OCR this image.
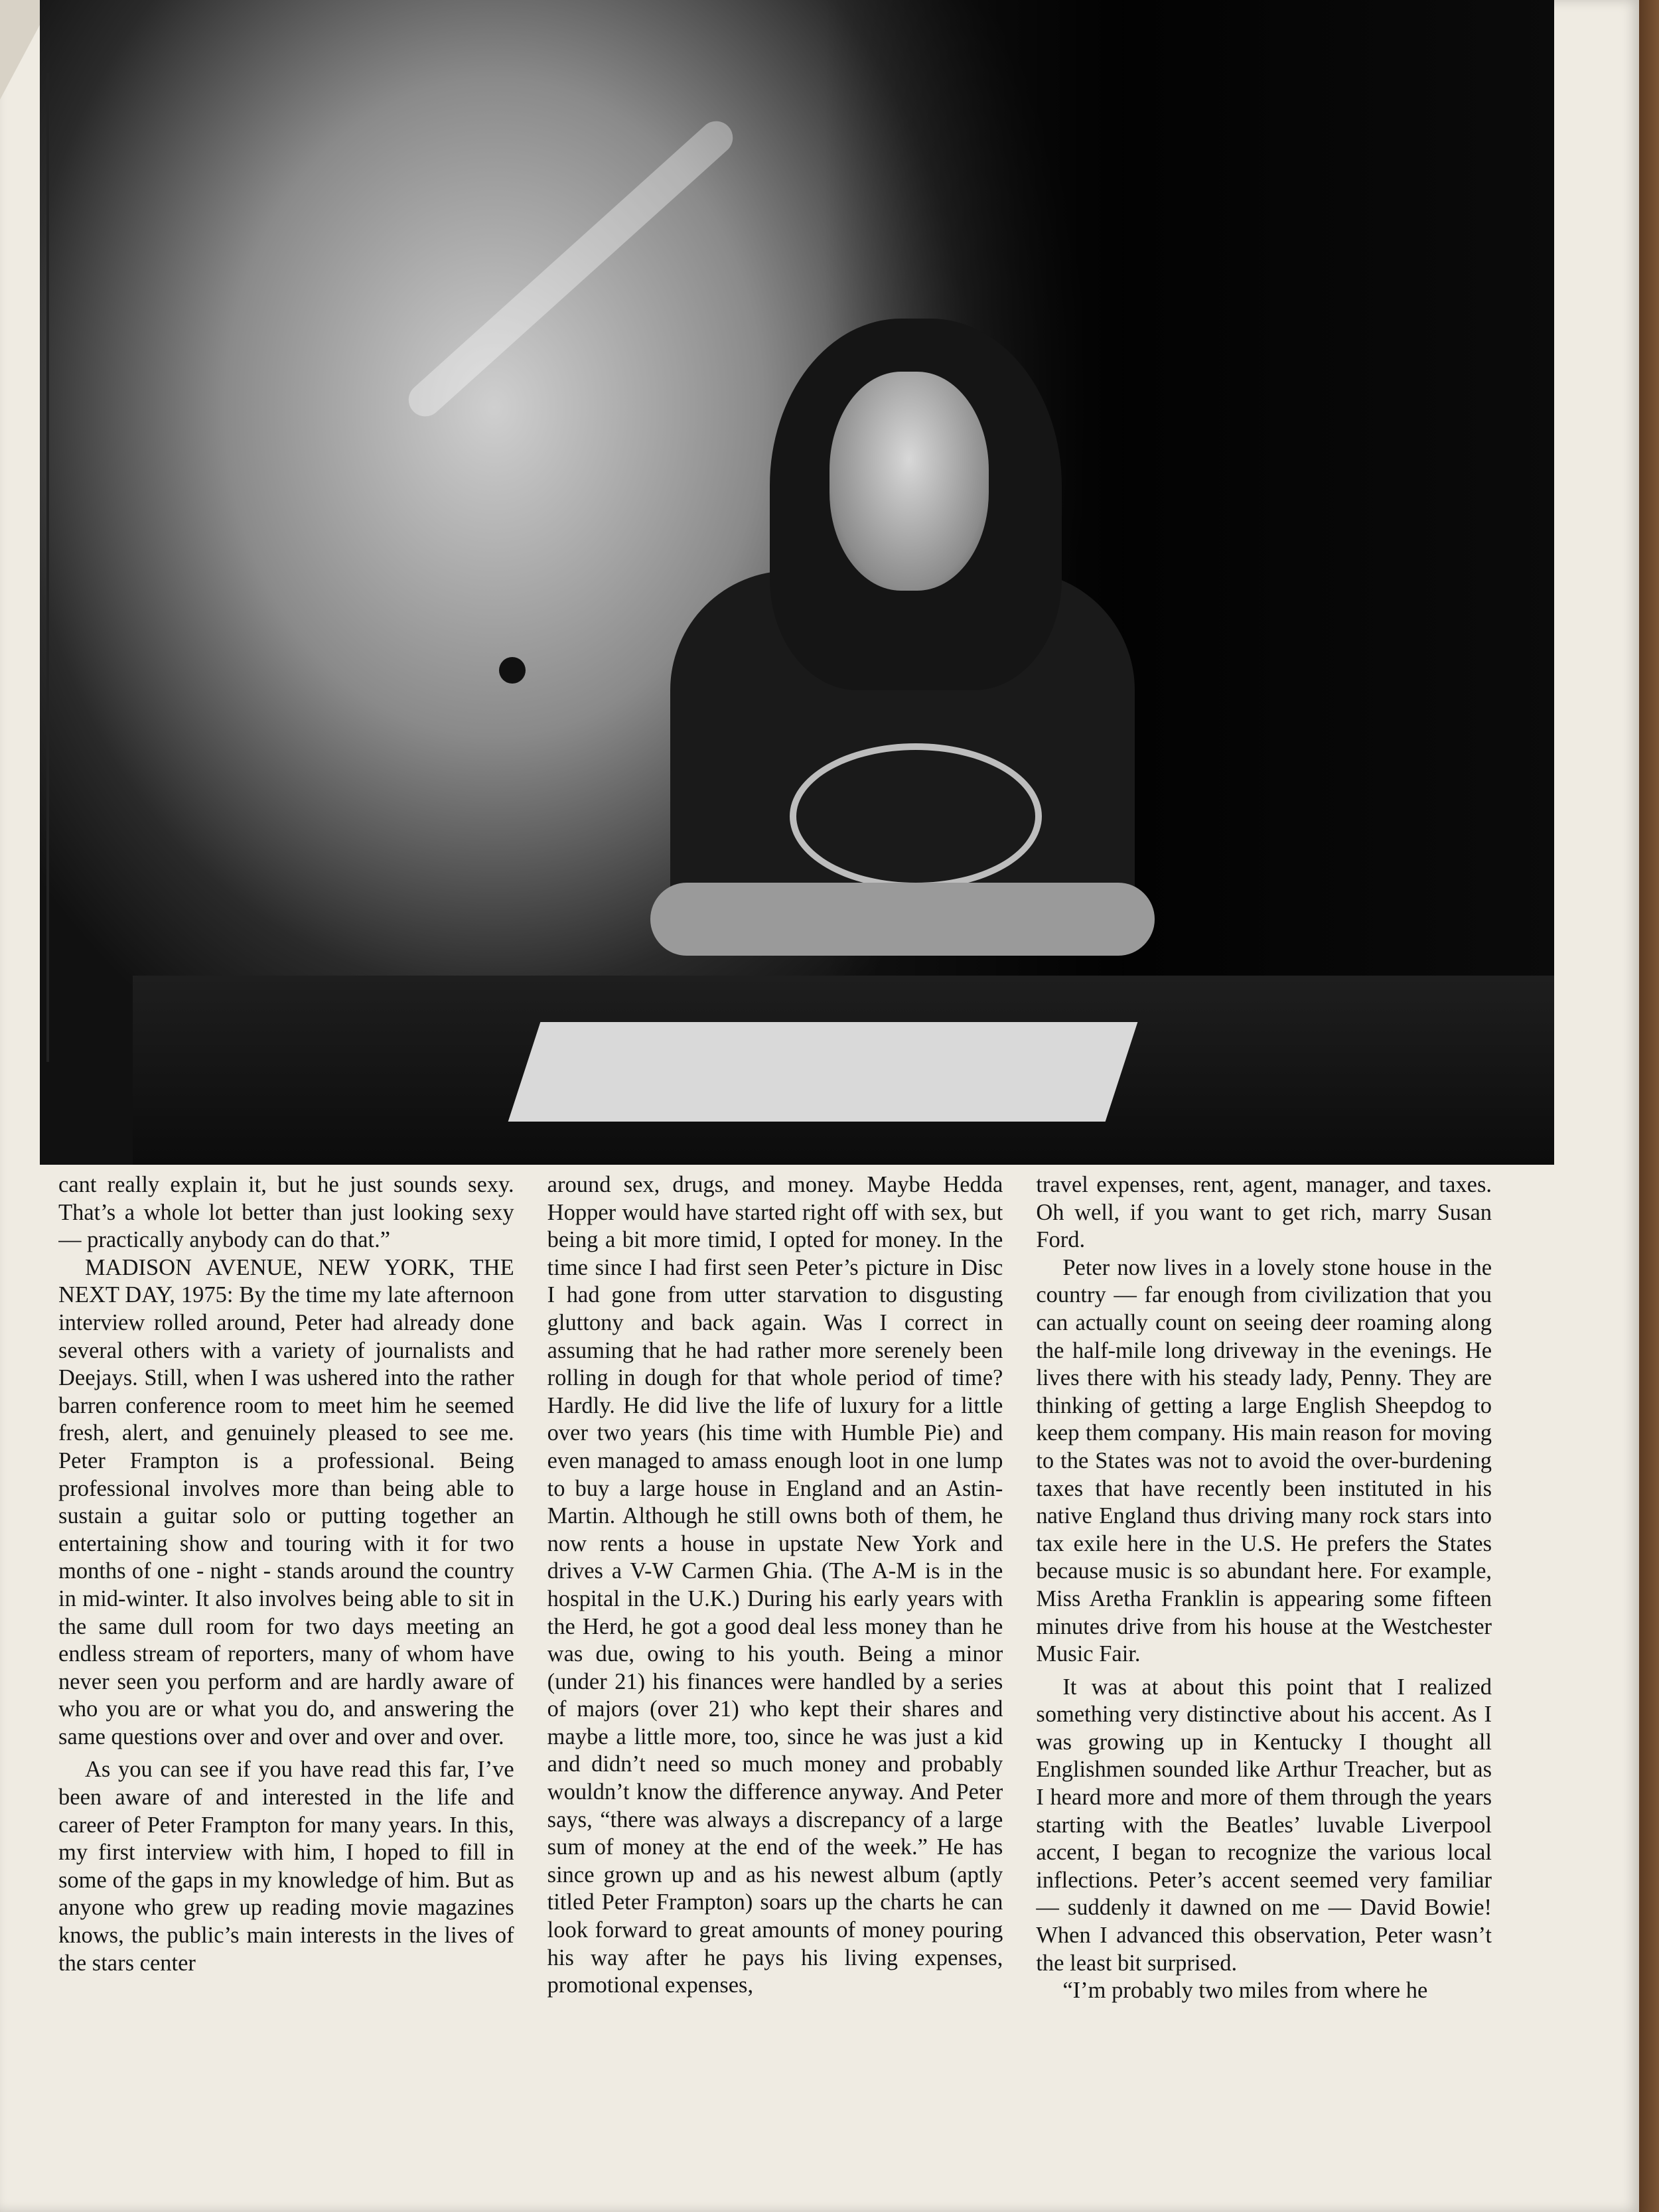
cant really explain it, but he just sounds sexy. That’s a whole lot better than just looking sexy — practically anybody can do that.”

MADISON AVENUE, NEW YORK, THE NEXT DAY, 1975: By the time my late afternoon interview rolled around, Peter had already done several others with a variety of journalists and Deejays. Still, when I was ushered into the rather barren conference room to meet him he seemed fresh, alert, and genuinely pleased to see me. Peter Frampton is a professional. Being professional involves more than being able to sustain a guitar solo or putting together an entertaining show and touring with it for two months of one - night - stands around the country in mid-winter. It also involves being able to sit in the same dull room for two days meeting an endless stream of reporters, many of whom have never seen you perform and are hardly aware of who you are or what you do, and answering the same questions over and over and over and over.

As you can see if you have read this far, I’ve been aware of and interested in the life and career of Peter Frampton for many years. In this, my first interview with him, I hoped to fill in some of the gaps in my knowledge of him. But as anyone who grew up reading movie magazines knows, the public’s main interests in the lives of the stars center

around sex, drugs, and money. Maybe Hedda Hopper would have started right off with sex, but being a bit more timid, I opted for money. In the time since I had first seen Peter’s picture in Disc I had gone from utter starvation to disgusting gluttony and back again. Was I correct in assuming that he had rather more serenely been rolling in dough for that whole period of time? Hardly. He did live the life of luxury for a little over two years (his time with Humble Pie) and even managed to amass enough loot in one lump to buy a large house in England and an Astin-Martin. Although he still owns both of them, he now rents a house in upstate New York and drives a V-W Carmen Ghia. (The A-M is in the hospital in the U.K.) During his early years with the Herd, he got a good deal less money than he was due, owing to his youth. Being a minor (under 21) his finances were handled by a series of majors (over 21) who kept their shares and maybe a little more, too, since he was just a kid and didn’t need so much money and probably wouldn’t know the difference anyway. And Peter says, “there was always a discrepancy of a large sum of money at the end of the week.” He has since grown up and as his newest album (aptly titled Peter Frampton) soars up the charts he can look forward to great amounts of money pouring his way after he pays his living expenses, promotional expenses,

travel expenses, rent, agent, manager, and taxes. Oh well, if you want to get rich, marry Susan Ford.

Peter now lives in a lovely stone house in the country — far enough from civilization that you can actually count on seeing deer roaming along the half-mile long driveway in the evenings. He lives there with his steady lady, Penny. They are thinking of getting a large English Sheepdog to keep them company. His main reason for moving to the States was not to avoid the over-burdening taxes that have recently been instituted in his native England thus driving many rock stars into tax exile here in the U.S. He prefers the States because music is so abundant here. For example, Miss Aretha Franklin is appearing some fifteen minutes drive from his house at the Westchester Music Fair.

It was at about this point that I realized something very distinctive about his accent. As I was growing up in Kentucky I thought all Englishmen sounded like Arthur Treacher, but as I heard more and more of them through the years starting with the Beatles’ luvable Liverpool accent, I began to recognize the various local inflections. Peter’s accent seemed very familiar — suddenly it dawned on me — David Bowie! When I advanced this observation, Peter wasn’t the least bit surprised.

“I’m probably two miles from where he
